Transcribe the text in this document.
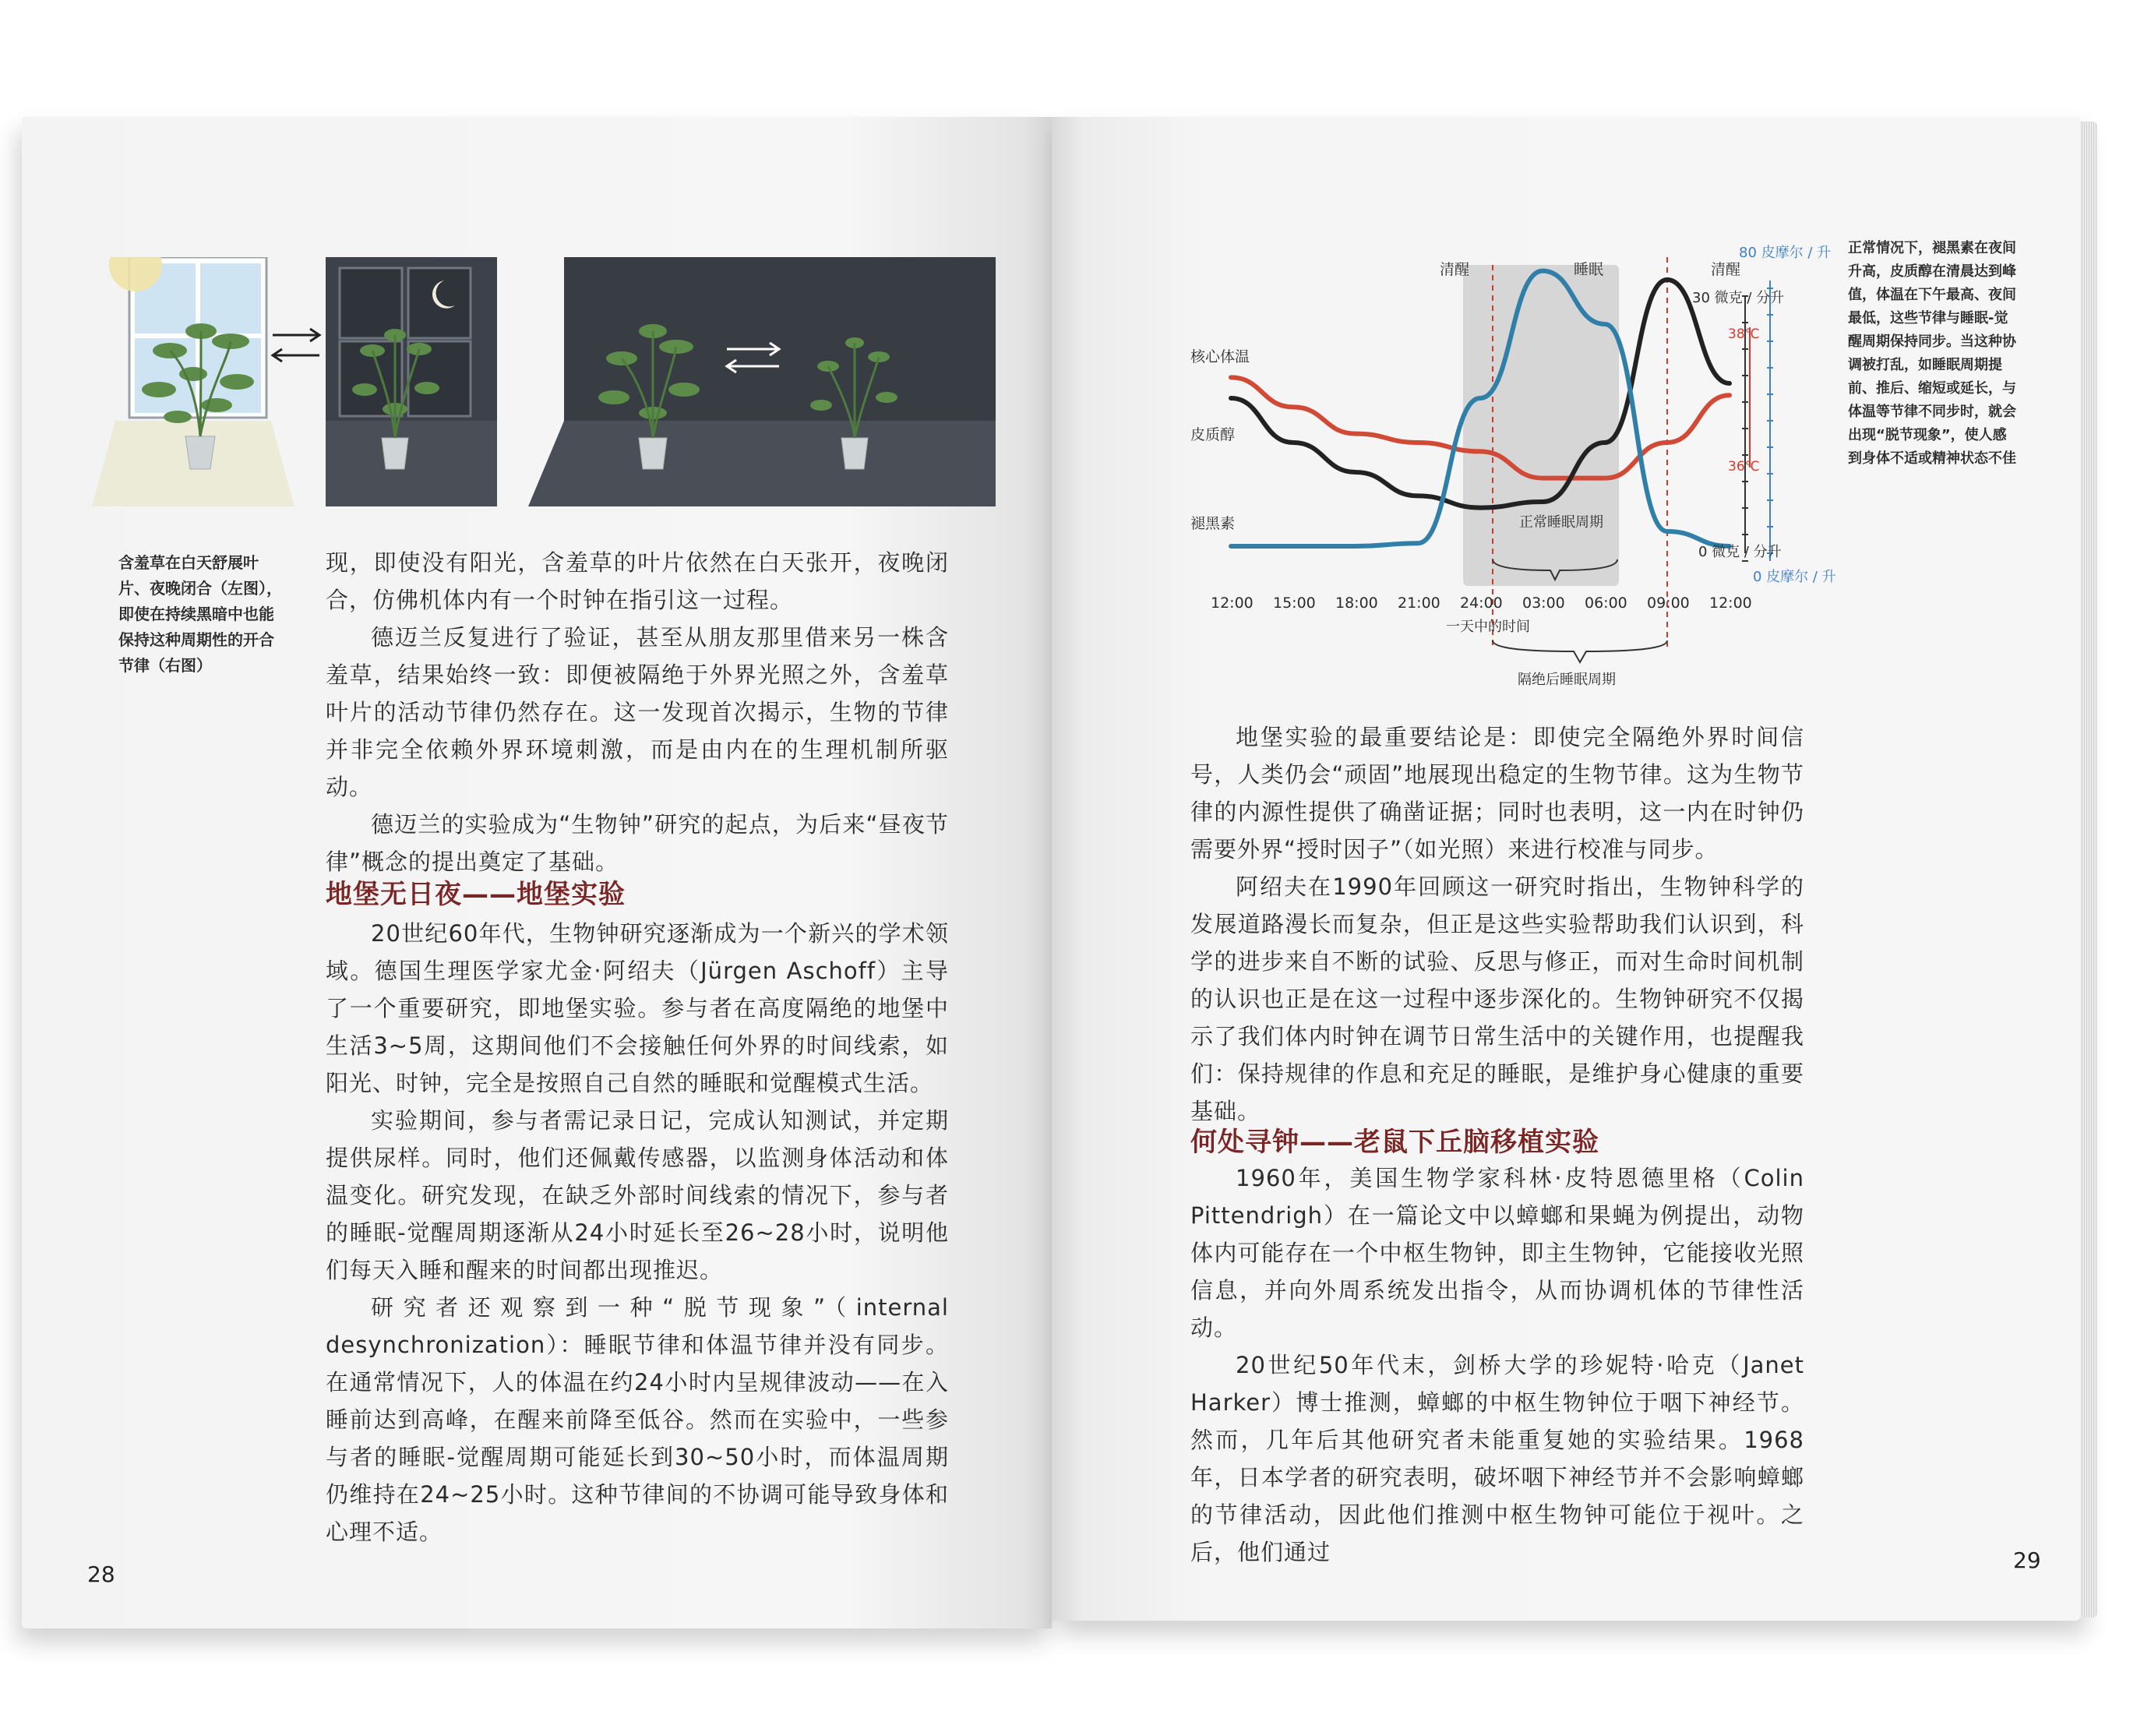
含羞草在白天舒展叶片、夜晚闭合（左图），即使在持续黑暗中也能保持这种周期性的开合节律（右图）

现，即使没有阳光，含羞草的叶片依然在白天张开，夜晚闭合，仿佛机体内有一个时钟在指引这一过程。

德迈兰反复进行了验证，甚至从朋友那里借来另一株含羞草，结果始终一致：即便被隔绝于外界光照之外，含羞草叶片的活动节律仍然存在。这一发现首次揭示，生物的节律并非完全依赖外界环境刺激，而是由内在的生理机制所驱动。

德迈兰的实验成为“生物钟”研究的起点，为后来“昼夜节律”概念的提出奠定了基础。

地堡无日夜——地堡实验

20世纪60年代，生物钟研究逐渐成为一个新兴的学术领域。德国生理医学家尤金·阿绍夫（Jürgen Aschoff）主导了一个重要研究，即地堡实验。参与者在高度隔绝的地堡中生活3~5周，这期间他们不会接触任何外界的时间线索，如阳光、时钟，完全是按照自己自然的睡眠和觉醒模式生活。

实验期间，参与者需记录日记，完成认知测试，并定期提供尿样。同时，他们还佩戴传感器，以监测身体活动和体温变化。研究发现，在缺乏外部时间线索的情况下，参与者的睡眠-觉醒周期逐渐从24小时延长至26~28小时，说明他们每天入睡和醒来的时间都出现推迟。

研究者还观察到一种“脱节现象”（internal desynchronization）：睡眠节律和体温节律并没有同步。在通常情况下，人的体温在约24小时内呈规律波动——在入睡前达到高峰，在醒来前降至低谷。然而在实验中，一些参与者的睡眠-觉醒周期可能延长到30~50小时，而体温周期仍维持在24~25小时。这种节律间的不协调可能导致身体和心理不适。

28
12:00 15:00 18:00 21:00 24:00 03:00 06:00 09:00 12:00
清醒	睡眠	清醒
核心体温
皮质醇
褪黑素	正常睡眠周期
一天中的时间
隔绝后睡眠周期
80 皮摩尔 / 升
30 微克 / 分升
38℃
36℃
0 微克 / 分升
0 皮摩尔 / 升
正常情况下，褪黑素在夜间升高，皮质醇在清晨达到峰值，体温在下午最高、夜间最低，这些节律与睡眠-觉醒周期保持同步。当这种协调被打乱，如睡眠周期提前、推后、缩短或延长，与体温等节律不同步时，就会出现“脱节现象”，使人感到身体不适或精神状态不佳

地堡实验的最重要结论是：即使完全隔绝外界时间信号，人类仍会“顽固”地展现出稳定的生物节律。这为生物节律的内源性提供了确凿证据；同时也表明，这一内在时钟仍需要外界“授时因子”（如光照）来进行校准与同步。

阿绍夫在1990年回顾这一研究时指出，生物钟科学的发展道路漫长而复杂，但正是这些实验帮助我们认识到，科学的进步来自不断的试验、反思与修正，而对生命时间机制的认识也正是在这一过程中逐步深化的。生物钟研究不仅揭示了我们体内时钟在调节日常生活中的关键作用，也提醒我们：保持规律的作息和充足的睡眠，是维护身心健康的重要基础。

何处寻钟——老鼠下丘脑移植实验

1960年，美国生物学家科林·皮特恩德里格（Colin Pittendrigh）在一篇论文中以蟑螂和果蝇为例提出，动物体内可能存在一个中枢生物钟，即主生物钟，它能接收光照信息，并向外周系统发出指令，从而协调机体的节律性活动。

20世纪50年代末，剑桥大学的珍妮特·哈克（Janet Harker）博士推测，蟑螂的中枢生物钟位于咽下神经节。然而，几年后其他研究者未能重复她的实验结果。1968年，日本学者的研究表明，破坏咽下神经节并不会影响蟑螂的节律活动，因此他们推测中枢生物钟可能位于视叶。之后，他们通过	29
